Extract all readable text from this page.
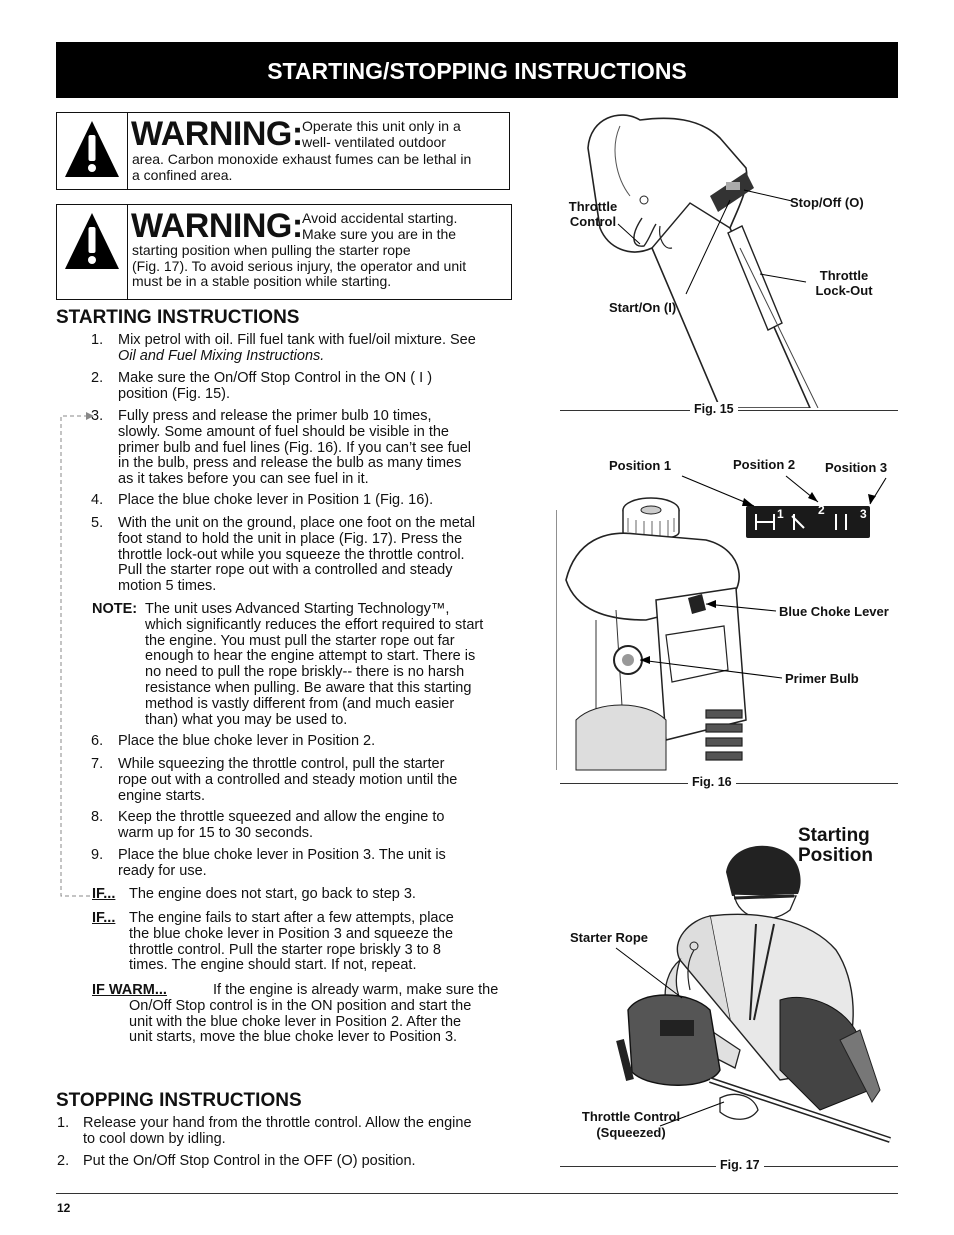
STARTING/STOPPING INSTRUCTIONS
WARNING: Operate this unit only in a
well- ventilated outdoor
area. Carbon monoxide exhaust fumes can be lethal in
a confined area.
WARNING: Avoid accidental starting.
Make sure you are in the
starting position when pulling the starter rope
(Fig. 17). To avoid serious injury, the operator and unit
must be in a stable position while starting.
STARTING INSTRUCTIONS
1. Mix petrol with oil. Fill fuel tank with fuel/oil mixture. See
Oil and Fuel Mixing Instructions.
2. Make sure the On/Off Stop Control in the ON ( I )
position (Fig. 15).
3. Fully press and release the primer bulb 10 times,
slowly. Some amount of fuel should be visible in the
primer bulb and fuel lines (Fig. 16). If you can’t see fuel
in the bulb, press and release the bulb as many times
as it takes before you can see fuel in it.
4. Place the blue choke lever in Position 1 (Fig. 16).
5. With the unit on the ground, place one foot on the metal
foot stand to hold the unit in place (Fig. 17). Press the
throttle lock-out while you squeeze the throttle control.
Pull the starter rope out with a controlled and steady
motion 5 times.
NOTE: The unit uses Advanced Starting Technology™,
which significantly reduces the effort required to start
the engine. You must pull the starter rope out far
enough to hear the engine attempt to start. There is
no need to pull the rope briskly-- there is no harsh
resistance when pulling. Be aware that this starting
method is vastly different from (and much easier
than) what you may be used to.
6. Place the blue choke lever in Position 2.
7. While squeezing the throttle control, pull the starter
rope out with a controlled and steady motion until the
engine starts.
8. Keep the throttle squeezed and allow the engine to
warm up for 15 to 30 seconds.
9. Place the blue choke lever in Position 3. The unit is
ready for use.
IF... The engine does not start, go back to step 3.
IF... The engine fails to start after a few attempts, place
the blue choke lever in Position 3 and squeeze the
throttle control. Pull the starter rope briskly 3 to 8
times. The engine should start. If not, repeat.
IF WARM...	If the engine is already warm, make sure the
On/Off Stop control is in the ON position and start the
unit with the blue choke lever in Position 2. After the
unit starts, move the blue choke lever to Position 3.
STOPPING INSTRUCTIONS
1. Release your hand from the throttle control. Allow the engine
to cool down by idling.
2. Put the On/Off Stop Control in the OFF (O) position.
Throttle
Control
Stop/Off (O)
Throttle
Lock-Out
Start/On (I)
Fig. 15
1	2	3
Position 1	Position 2 Position 3
Blue Choke Lever
Primer Bulb
Fig. 16
Starting
Position
Starter Rope
Throttle Control
(Squeezed)
Fig. 17
12
